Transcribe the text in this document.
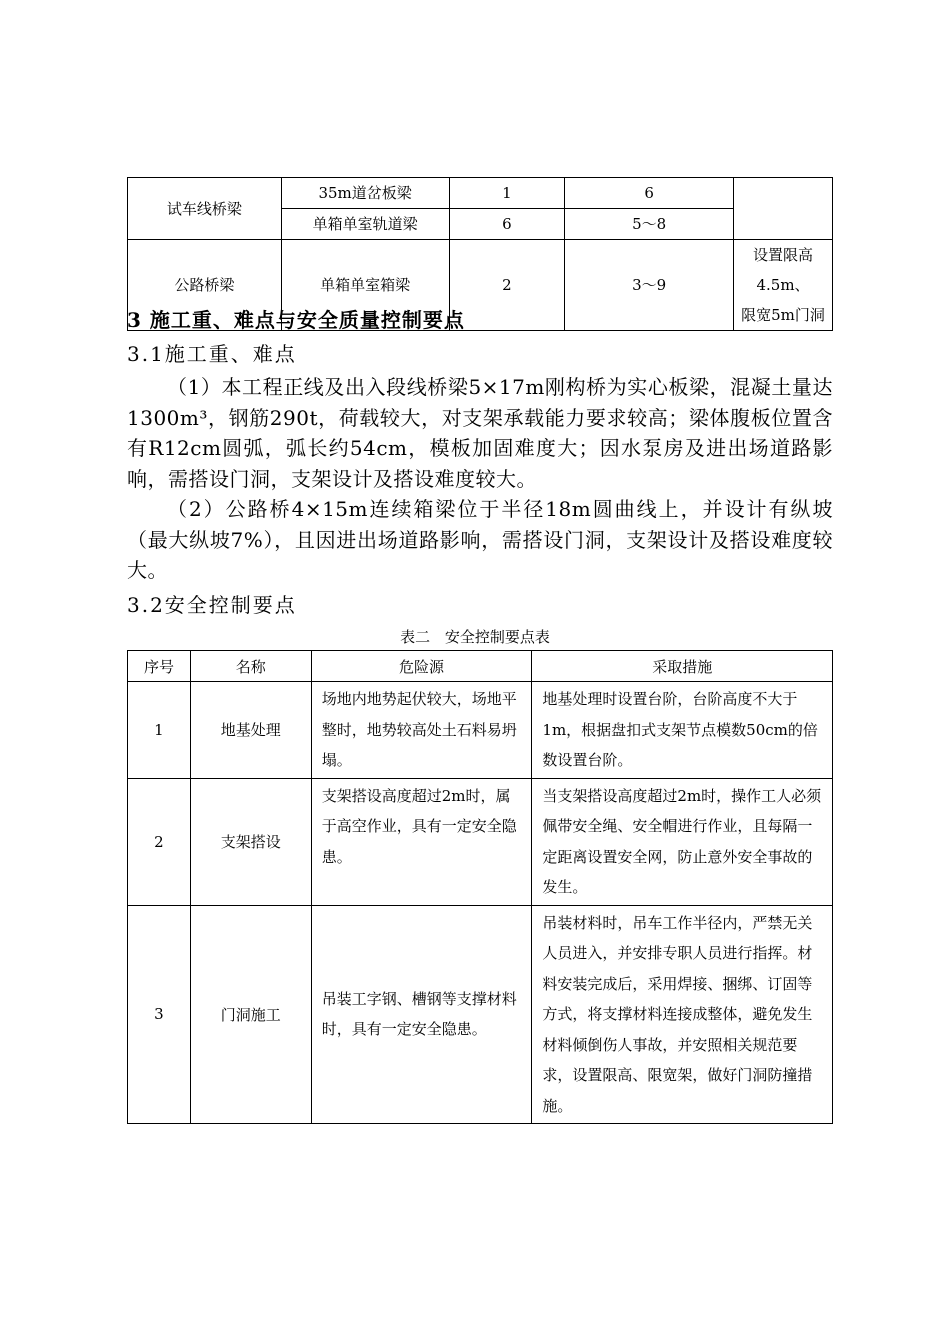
试车线桥梁	35m道岔板梁	1	6	
	单箱单室轨道梁	6	5～8	
公路桥梁	单箱单室箱梁	2	3～9	设置限高4.5m、
限宽5m门洞
3 施工重、难点与安全质量控制要点
3.1施工重、难点

（1）本工程正线及出入段线桥梁5×17m刚构桥为实心板梁，混凝土量达1300m³，钢筋290t，荷载较大，对支架承载能力要求较高；梁体腹板位置含有R12cm圆弧，弧长约54cm，模板加固难度大；因水泵房及进出场道路影响，需搭设门洞，支架设计及搭设难度较大。

（2）公路桥4×15m连续箱梁位于半径18m圆曲线上，并设计有纵坡（最大纵坡7%），且因进出场道路影响，需搭设门洞，支架设计及搭设难度较大。

3.2安全控制要点
表二 安全控制要点表
序号	名称	危险源	采取措施
1	地基处理	场地内地势起伏较大，场地平整时，地势较高处土石料易坍塌。	地基处理时设置台阶，台阶高度不大于1m，根据盘扣式支架节点模数50cm的倍数设置台阶。
2	支架搭设	支架搭设高度超过2m时，属于高空作业，具有一定安全隐患。	当支架搭设高度超过2m时，操作工人必须佩带安全绳、安全帽进行作业，且每隔一定距离设置安全网，防止意外安全事故的发生。
3	门洞施工	吊装工字钢、槽钢等支撑材料时，具有一定安全隐患。	吊装材料时，吊车工作半径内，严禁无关人员进入，并安排专职人员进行指挥。材料安装完成后，采用焊接、捆绑、订固等方式，将支撑材料连接成整体，避免发生材料倾倒伤人事故，并安照相关规范要求，设置限高、限宽架，做好门洞防撞措施。
